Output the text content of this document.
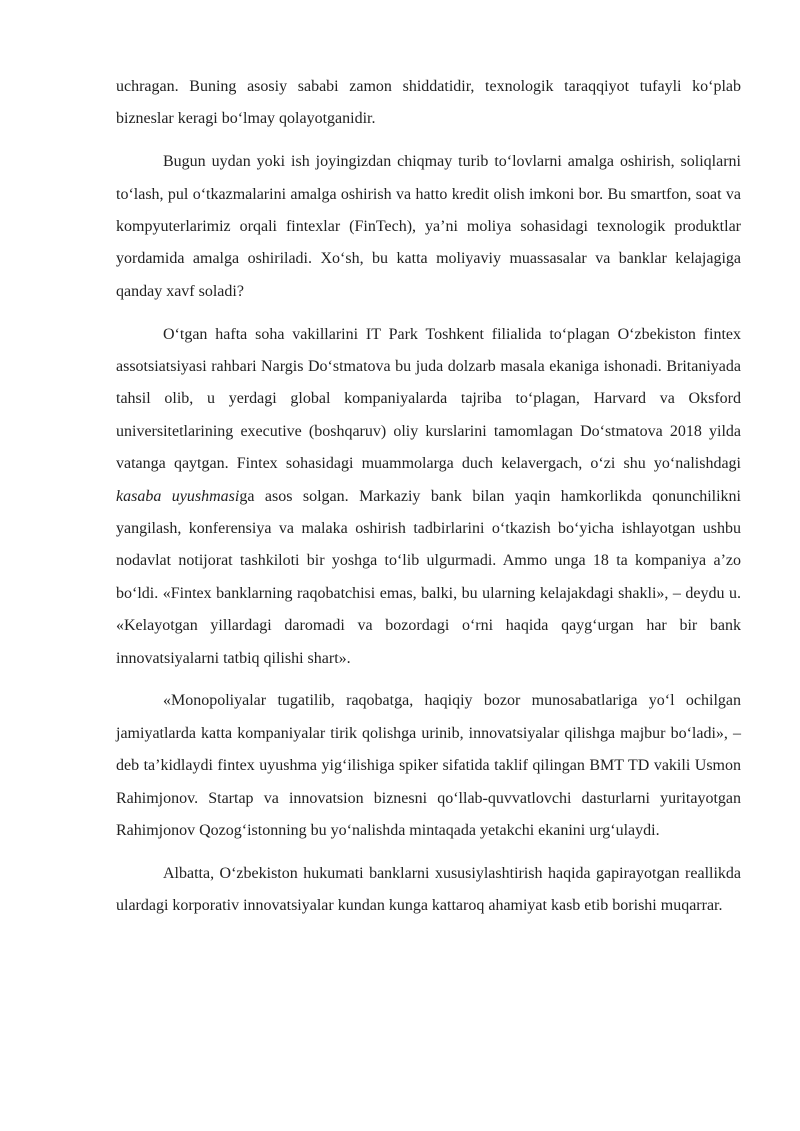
uchragan. Buning asosiy sababi zamon shiddatidir, texnologik taraqqiyot tufayli ko‘plab bizneslar keragi bo‘lmay qolayotganidir.

Bugun uydan yoki ish joyingizdan chiqmay turib to‘lovlarni amalga oshirish, soliqlarni to‘lash, pul o‘tkazmalarini amalga oshirish va hatto kredit olish imkoni bor. Bu smartfon, soat va kompyuterlarimiz orqali fintexlar (FinTech), ya’ni moliya sohasidagi texnologik produktlar yordamida amalga oshiriladi. Xo‘sh, bu katta moliyaviy muassasalar va banklar kelajagiga qanday xavf soladi?

O‘tgan hafta soha vakillarini IT Park Toshkent filialida to‘plagan O‘zbekiston fintex assotsiatsiyasi rahbari Nargis Do‘stmatova bu juda dolzarb masala ekaniga ishonadi. Britaniyada tahsil olib, u yerdagi global kompaniyalarda tajriba to‘plagan, Harvard va Oksford universitetlarining executive (boshqaruv) oliy kurslarini tamomlagan Do‘stmatova 2018 yilda vatanga qaytgan. Fintex sohasidagi muammolarga duch kelavergach, o‘zi shu yo‘nalishdagi kasaba uyushmasiga asos solgan. Markaziy bank bilan yaqin hamkorlikda qonunchilikni yangilash, konferensiya va malaka oshirish tadbirlarini o‘tkazish bo‘yicha ishlayotgan ushbu nodavlat notijorat tashkiloti bir yoshga to‘lib ulgurmadi. Ammo unga 18 ta kompaniya a’zo bo‘ldi. «Fintex banklarning raqobatchisi emas, balki, bu ularning kelajakdagi shakli», – deydu u. «Kelayotgan yillardagi daromadi va bozordagi o‘rni haqida qayg‘urgan har bir bank innovatsiyalarni tatbiq qilishi shart».

«Monopoliyalar tugatilib, raqobatga, haqiqiy bozor munosabatlariga yo‘l ochilgan jamiyatlarda katta kompaniyalar tirik qolishga urinib, innovatsiyalar qilishga majbur bo‘ladi», – deb ta’kidlaydi fintex uyushma yig‘ilishiga spiker sifatida taklif qilingan BMT TD vakili Usmon Rahimjonov. Startap va innovatsion biznesni qo‘llab-quvvatlovchi dasturlarni yuritayotgan Rahimjonov Qozog‘istonning bu yo‘nalishda mintaqada yetakchi ekanini urg‘ulaydi.

Albatta, O‘zbekiston hukumati banklarni xususiylashtirish haqida gapirayotgan reallikda ulardagi korporativ innovatsiyalar kundan kunga kattaroq ahamiyat kasb etib borishi muqarrar.
